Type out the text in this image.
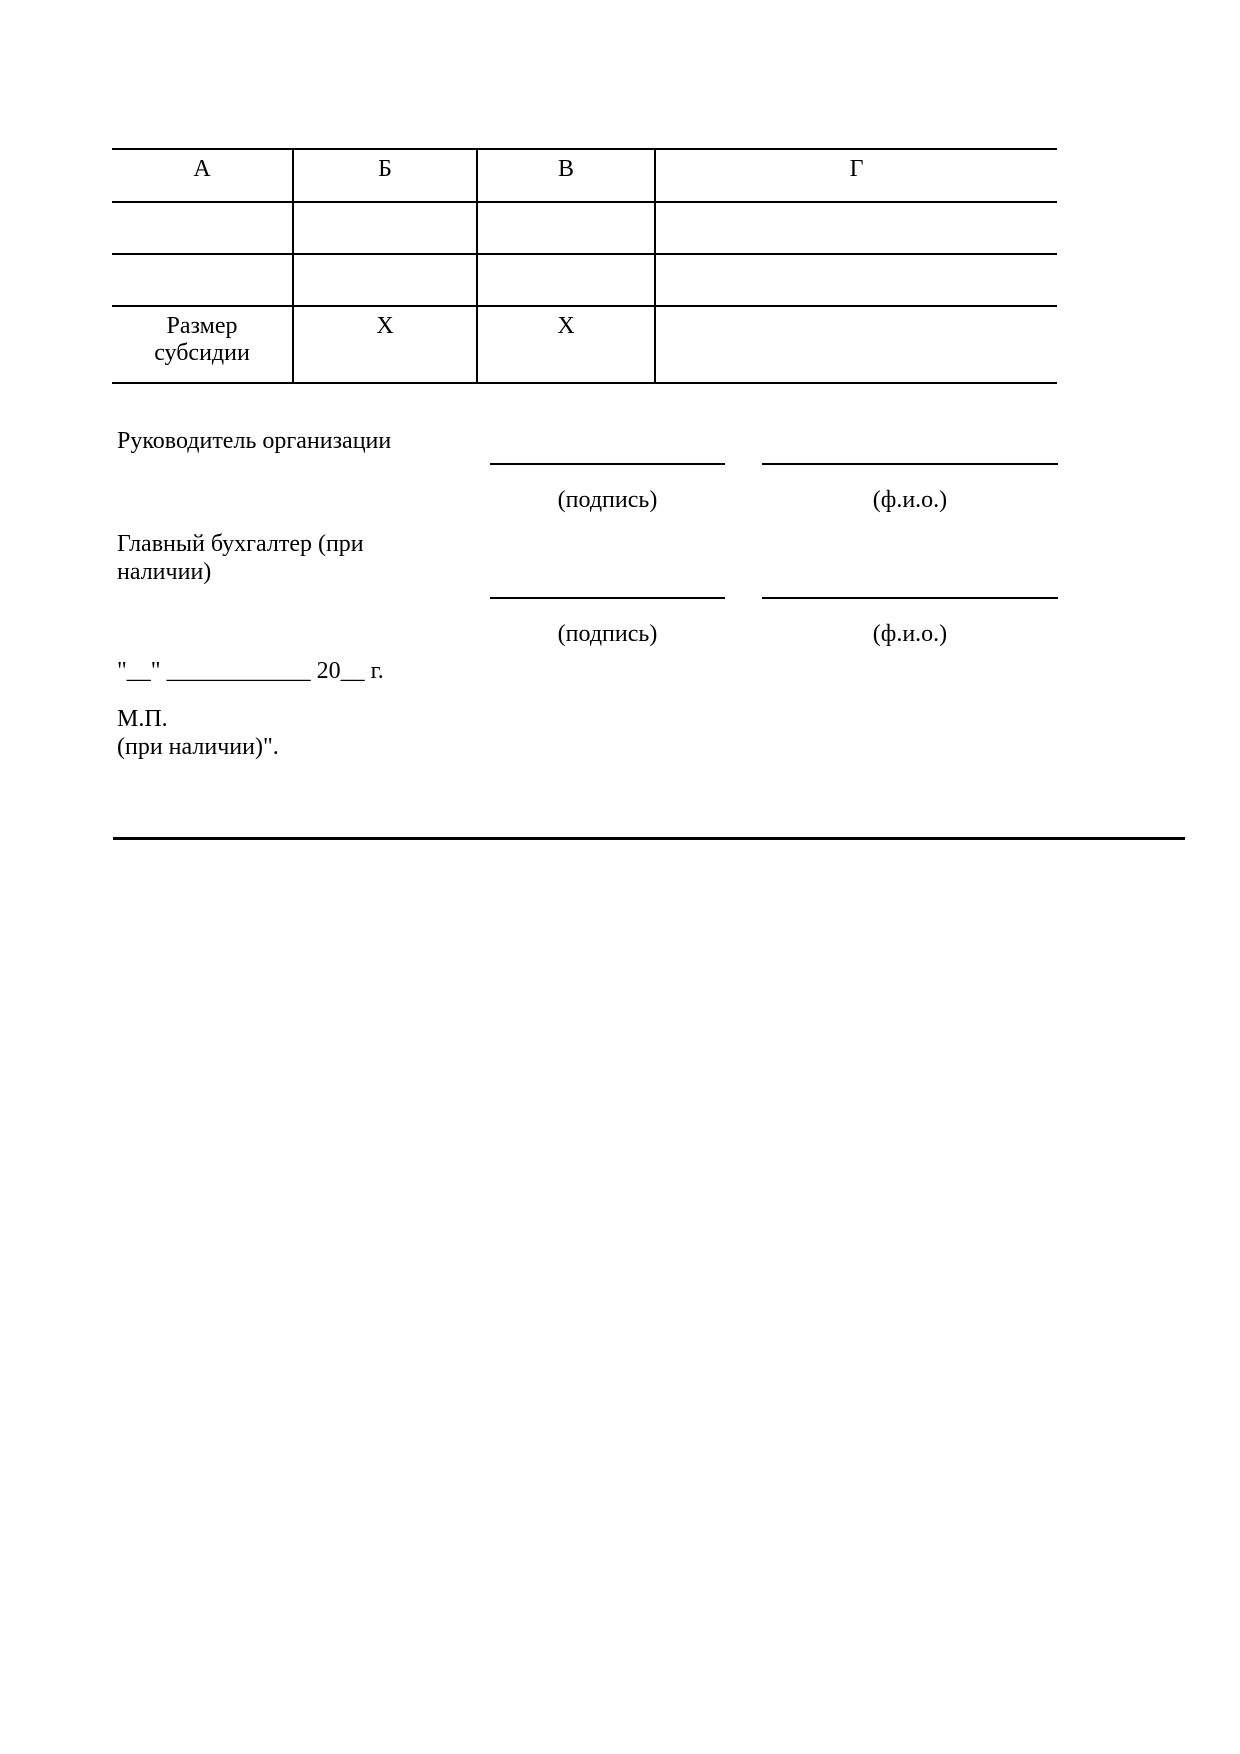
А	Б	В	Г

Размер субсидии	Х	Х	
Руководитель организации
(подпись)	(ф.и.о.)
Главный бухгалтер (при наличии)
(подпись)	(ф.и.о.)
"__" ____________ 20__ г.
М.П.
(при наличии)".
